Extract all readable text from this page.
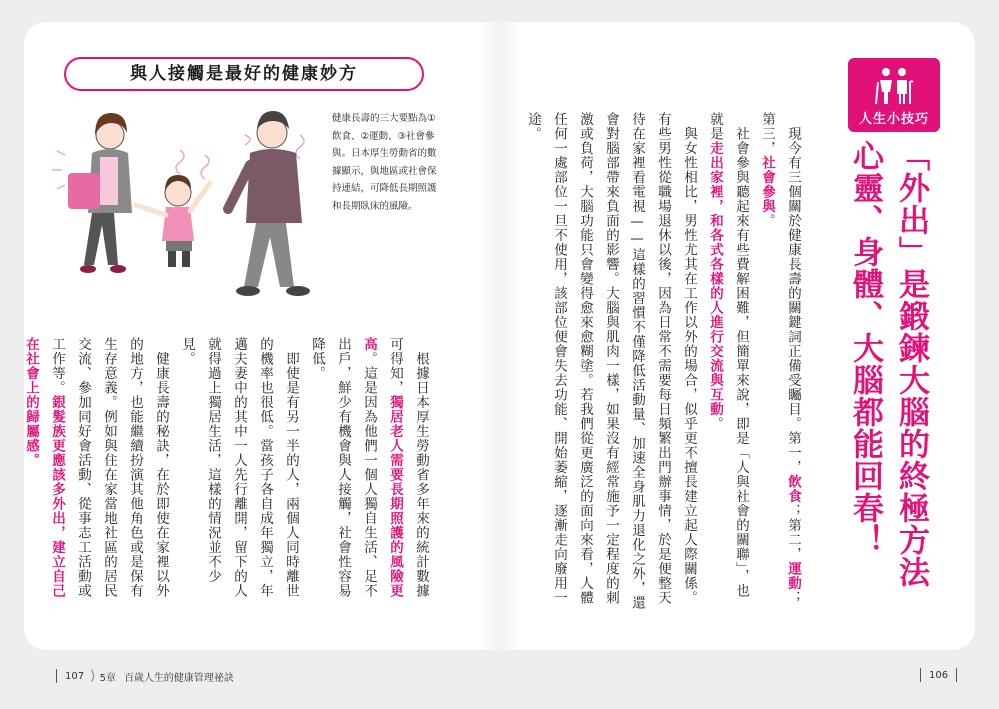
人生小技巧
「外出」是鍛鍊大腦的終極方法
心靈、身體、大腦都能回春！

　現今有三個關於健康長壽的關鍵詞正備受矚目。第一，飲食；第二，運動；第三，社會參與。

　社會參與聽起來有些費解困難，但簡單來說，即是「人與社會的關聯」，也就是走出家裡，和各式各樣的人進行交流與互動。

　與女性相比，男性尤其在工作以外的場合，似乎更不擅長建立起人際關係。有些男性從職場退休以後，因為日常不需要每日頻繁出門辦事情，於是便整天待在家裡看電視——這樣的習慣不僅降低活動量、加速全身肌力退化之外，還會對腦部帶來負面的影響。大腦與肌肉一樣，如果沒有經常施予一定程度的刺激或負荷，大腦功能只會變得愈來愈糊塗。若我們從更廣泛的面向來看，人體任何一處部位一旦不使用，該部位便會失去功能、開始萎縮，逐漸走向廢用一途。

與人接觸是最好的健康妙方
健康長壽的三大要點為①飲食、②運動、③社會參與。日本厚生勞動省的數據顯示，與地區或社會保持連結，可降低長期照護和長期臥床的風險。

　根據日本厚生勞動省多年來的統計數據可得知，獨居老人需要長期照護的風險更高。這是因為他們一個人獨自生活、足不出戶，鮮少有機會與人接觸，社會性容易降低。

　即使是有另一半的人，兩個人同時離世的機率也很低。當孩子各自成年獨立，年邁夫妻中的其中一人先行離開，留下的人就得過上獨居生活，這樣的情況並不少見。

　健康長壽的秘訣，在於即使在家裡以外的地方，也能繼續扮演其他角色或是保有生存意義。例如與住在家當地社區的居民交流、參加同好會活動、從事志工活動或工作等。銀髮族更應該多外出，建立自己在社會上的歸屬感。

107 ⟩ 5章 百歲人生的健康管理祕訣	106
